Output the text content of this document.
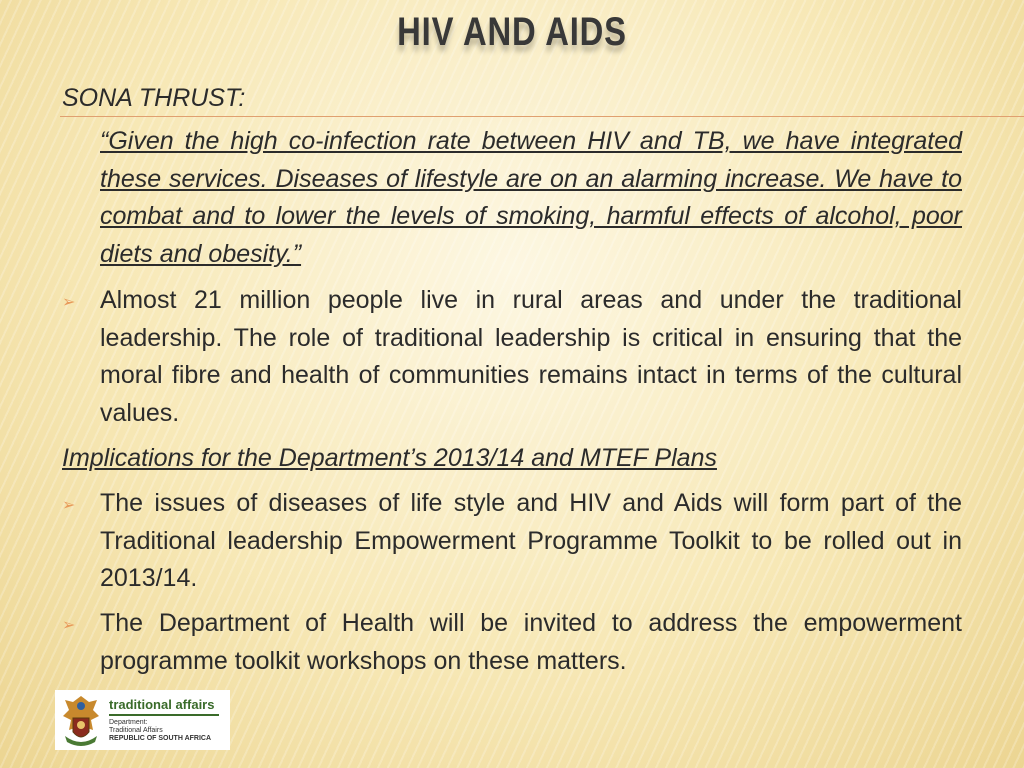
HIV AND AIDS
SONA THRUST:
“Given the high co-infection rate between HIV and TB, we have integrated these services. Diseases of lifestyle are on an alarming increase. We have to combat and to lower the levels of smoking, harmful effects of alcohol, poor diets and obesity.”
➢ Almost 21 million people live in rural areas and under the traditional leadership. The role of traditional leadership is critical in ensuring that the moral fibre and health of communities remains intact in terms of the cultural values.
Implications for the Department’s 2013/14 and MTEF Plans
➢ The issues of diseases of life style and HIV and Aids will form part of the Traditional leadership Empowerment Programme Toolkit to be rolled out in 2013/14.
➢ The Department of Health will be invited to address the empowerment programme toolkit workshops on these matters.
traditional affairs
Department:
Traditional Affairs
REPUBLIC OF SOUTH AFRICA
